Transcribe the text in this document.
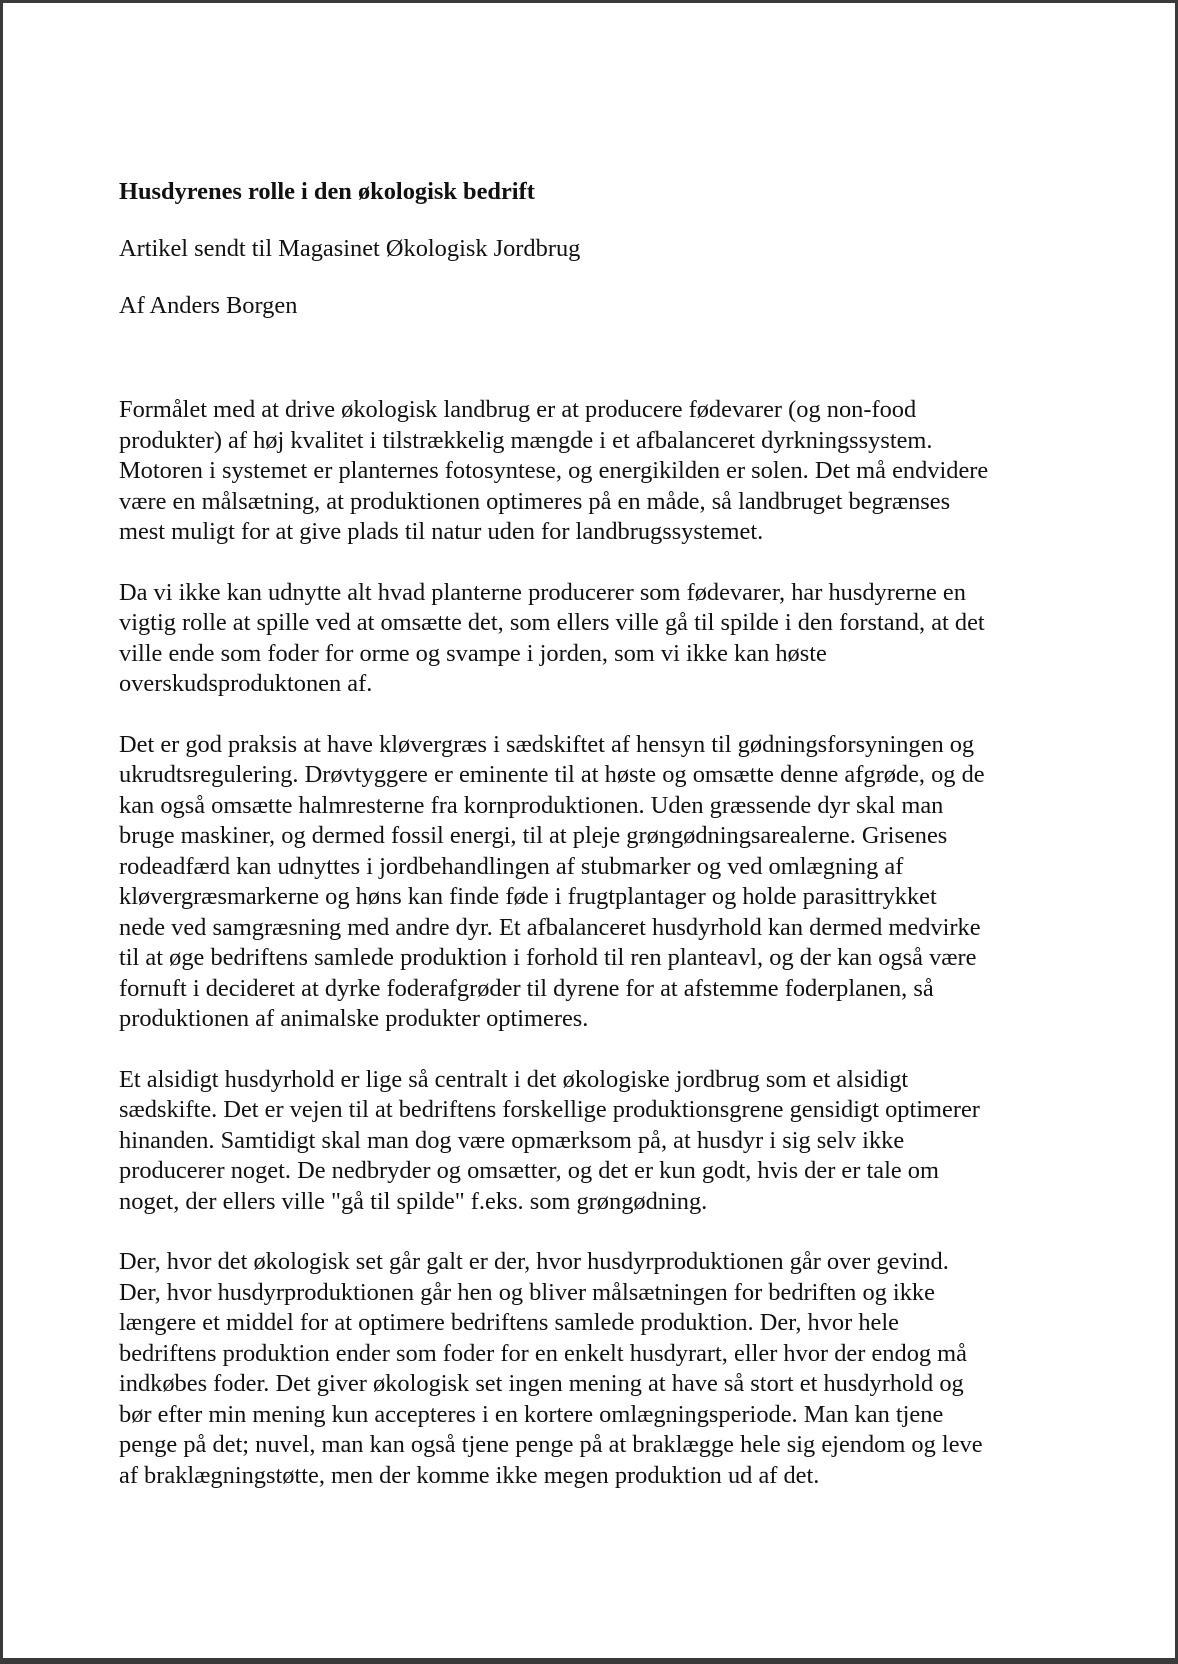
Husdyrenes rolle i den økologisk bedrift
Artikel sendt til Magasinet Økologisk Jordbrug
Af Anders Borgen

Formålet med at drive økologisk landbrug er at producere fødevarer (og non-food
produkter) af høj kvalitet i tilstrækkelig mængde i et afbalanceret dyrkningssystem.
Motoren i systemet er planternes fotosyntese, og energikilden er solen. Det må endvidere
være en målsætning, at produktionen optimeres på en måde, så landbruget begrænses
mest muligt for at give plads til natur uden for landbrugssystemet.

Da vi ikke kan udnytte alt hvad planterne producerer som fødevarer, har husdyrerne en
vigtig rolle at spille ved at omsætte det, som ellers ville gå til spilde i den forstand, at det
ville ende som foder for orme og svampe i jorden, som vi ikke kan høste
overskudsproduktonen af.

Det er god praksis at have kløvergræs i sædskiftet af hensyn til gødningsforsyningen og
ukrudtsregulering. Drøvtyggere er eminente til at høste og omsætte denne afgrøde, og de
kan også omsætte halmresterne fra kornproduktionen. Uden græssende dyr skal man
bruge maskiner, og dermed fossil energi, til at pleje grøngødningsarealerne. Grisenes
rodeadfærd kan udnyttes i jordbehandlingen af stubmarker og ved omlægning af
kløvergræsmarkerne og høns kan finde føde i frugtplantager og holde parasittrykket
nede ved samgræsning med andre dyr. Et afbalanceret husdyrhold kan dermed medvirke
til at øge bedriftens samlede produktion i forhold til ren planteavl, og der kan også være
fornuft i decideret at dyrke foderafgrøder til dyrene for at afstemme foderplanen, så
produktionen af animalske produkter optimeres.

Et alsidigt husdyrhold er lige så centralt i det økologiske jordbrug som et alsidigt
sædskifte. Det er vejen til at bedriftens forskellige produktionsgrene gensidigt optimerer
hinanden. Samtidigt skal man dog være opmærksom på, at husdyr i sig selv ikke
producerer noget. De nedbryder og omsætter, og det er kun godt, hvis der er tale om
noget, der ellers ville "gå til spilde" f.eks. som grøngødning.

Der, hvor det økologisk set går galt er der, hvor husdyrproduktionen går over gevind.
Der, hvor husdyrproduktionen går hen og bliver målsætningen for bedriften og ikke
længere et middel for at optimere bedriftens samlede produktion. Der, hvor hele
bedriftens produktion ender som foder for en enkelt husdyrart, eller hvor der endog må
indkøbes foder. Det giver økologisk set ingen mening at have så stort et husdyrhold og
bør efter min mening kun accepteres i en kortere omlægningsperiode. Man kan tjene
penge på det; nuvel, man kan også tjene penge på at braklægge hele sig ejendom og leve
af braklægningstøtte, men der komme ikke megen produktion ud af det.
